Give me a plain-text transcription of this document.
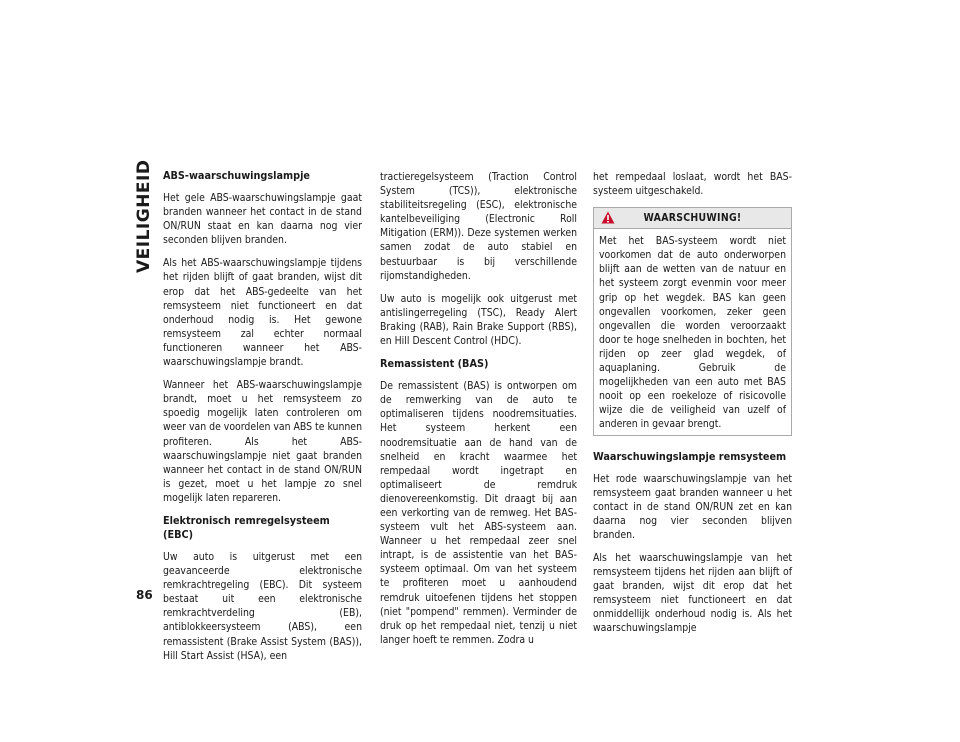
VEILIGHEID
86
ABS-waarschuwingslampje

Het gele ABS-waarschuwingslampje gaat branden wanneer het contact in de stand ON/RUN staat en kan daarna nog vier seconden blijven branden.

Als het ABS-waarschuwingslampje tijdens het rijden blijft of gaat branden, wijst dit erop dat het ABS-gedeelte van het remsysteem niet functioneert en dat onderhoud nodig is. Het gewone remsysteem zal echter normaal functioneren wanneer het ABS-waarschuwingslampje brandt.

Wanneer het ABS-waarschuwingslampje brandt, moet u het remsysteem zo spoedig mogelijk laten controleren om weer van de voordelen van ABS te kunnen profiteren. Als het ABS-waarschuwingslampje niet gaat branden wanneer het contact in de stand ON/RUN is gezet, moet u het lampje zo snel mogelijk laten repareren.

Elektronisch remregelsysteem (EBC)

Uw auto is uitgerust met een geavanceerde elektronische remkrachtregeling (EBC). Dit systeem bestaat uit een elektronische remkrachtverdeling (EB), antiblokkeersysteem (ABS), een remassistent (Brake Assist System (BAS)), Hill Start Assist (HSA), een

tractieregelsysteem (Traction Control System (TCS)), elektronische stabiliteitsregeling (ESC), elektronische kantelbeveiliging (Electronic Roll Mitigation (ERM)). Deze systemen werken samen zodat de auto stabiel en bestuurbaar is bij verschillende rijomstandigheden.

Uw auto is mogelijk ook uitgerust met antislingerregeling (TSC), Ready Alert Braking (RAB), Rain Brake Support (RBS), en Hill Descent Control (HDC).

Remassistent (BAS)

De remassistent (BAS) is ontworpen om de remwerking van de auto te optimaliseren tijdens noodremsituaties. Het systeem herkent een noodremsituatie aan de hand van de snelheid en kracht waarmee het rempedaal wordt ingetrapt en optimaliseert de remdruk dienovereenkomstig. Dit draagt bij aan een verkorting van de remweg. Het BAS-systeem vult het ABS-systeem aan. Wanneer u het rempedaal zeer snel intrapt, is de assistentie van het BAS-systeem optimaal. Om van het systeem te profiteren moet u aanhoudend remdruk uitoefenen tijdens het stoppen (niet "pompend" remmen). Verminder de druk op het rempedaal niet, tenzij u niet langer hoeft te remmen. Zodra u

het rempedaal loslaat, wordt het BAS-systeem uitgeschakeld.

WAARSCHUWING!

Met het BAS-systeem wordt niet voorkomen dat de auto onderworpen blijft aan de wetten van de natuur en het systeem zorgt evenmin voor meer grip op het wegdek. BAS kan geen ongevallen voorkomen, zeker geen ongevallen die worden veroorzaakt door te hoge snelheden in bochten, het rijden op zeer glad wegdek, of aquaplaning. Gebruik de mogelijkheden van een auto met BAS nooit op een roekeloze of risicovolle wijze die de veiligheid van uzelf of anderen in gevaar brengt.

Waarschuwingslampje remsysteem

Het rode waarschuwingslampje van het remsysteem gaat branden wanneer u het contact in de stand ON/RUN zet en kan daarna nog vier seconden blijven branden.

Als het waarschuwingslampje van het remsysteem tijdens het rijden aan blijft of gaat branden, wijst dit erop dat het remsysteem niet functioneert en dat onmiddellijk onderhoud nodig is. Als het waarschuwingslampje
